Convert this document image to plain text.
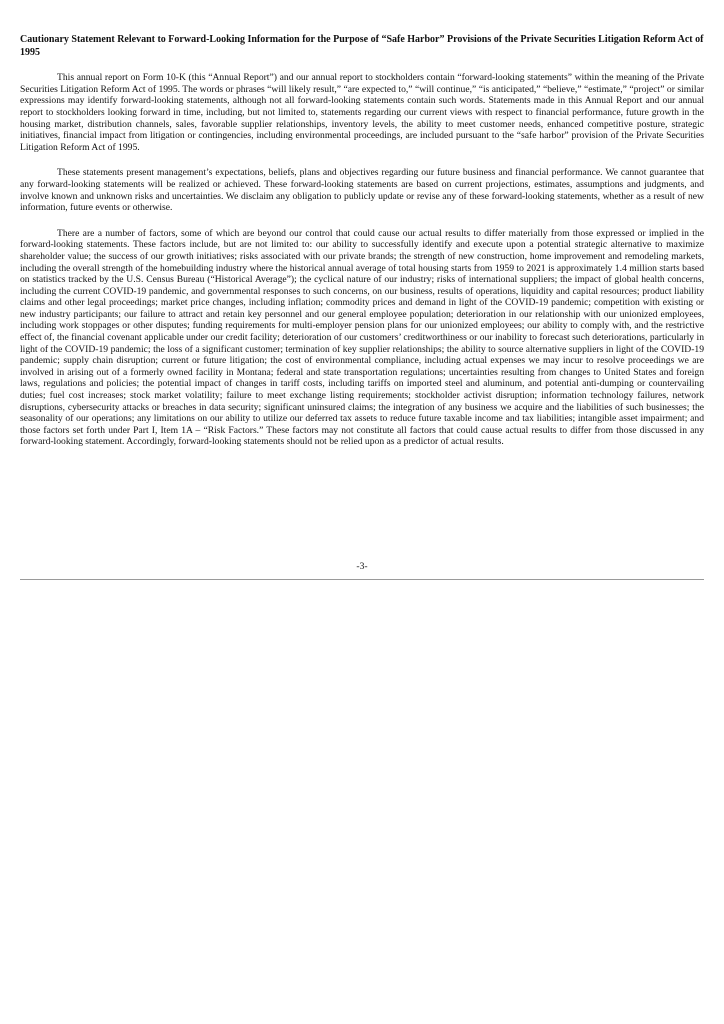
Cautionary Statement Relevant to Forward-Looking Information for the Purpose of “Safe Harbor” Provisions of the Private Securities Litigation Reform Act of 1995

This annual report on Form 10-K (this “Annual Report”) and our annual report to stockholders contain “forward-looking statements” within the meaning of the Private Securities Litigation Reform Act of 1995. The words or phrases “will likely result,” “are expected to,” “will continue,” “is anticipated,” “believe,” “estimate,” “project” or similar expressions may identify forward-looking statements, although not all forward-looking statements contain such words. Statements made in this Annual Report and our annual report to stockholders looking forward in time, including, but not limited to, statements regarding our current views with respect to financial performance, future growth in the housing market, distribution channels, sales, favorable supplier relationships, inventory levels, the ability to meet customer needs, enhanced competitive posture, strategic initiatives, financial impact from litigation or contingencies, including environmental proceedings, are included pursuant to the “safe harbor” provision of the Private Securities Litigation Reform Act of 1995.

These statements present management’s expectations, beliefs, plans and objectives regarding our future business and financial performance. We cannot guarantee that any forward-looking statements will be realized or achieved. These forward-looking statements are based on current projections, estimates, assumptions and judgments, and involve known and unknown risks and uncertainties. We disclaim any obligation to publicly update or revise any of these forward-looking statements, whether as a result of new information, future events or otherwise.

There are a number of factors, some of which are beyond our control that could cause our actual results to differ materially from those expressed or implied in the forward-looking statements. These factors include, but are not limited to: our ability to successfully identify and execute upon a potential strategic alternative to maximize shareholder value; the success of our growth initiatives; risks associated with our private brands; the strength of new construction, home improvement and remodeling markets, including the overall strength of the homebuilding industry where the historical annual average of total housing starts from 1959 to 2021 is approximately 1.4 million starts based on statistics tracked by the U.S. Census Bureau (“Historical Average”); the cyclical nature of our industry; risks of international suppliers; the impact of global health concerns, including the current COVID-19 pandemic, and governmental responses to such concerns, on our business, results of operations, liquidity and capital resources; product liability claims and other legal proceedings; market price changes, including inflation; commodity prices and demand in light of the COVID-19 pandemic; competition with existing or new industry participants; our failure to attract and retain key personnel and our general employee population; deterioration in our relationship with our unionized employees, including work stoppages or other disputes; funding requirements for multi-employer pension plans for our unionized employees; our ability to comply with, and the restrictive effect of, the financial covenant applicable under our credit facility; deterioration of our customers’ creditworthiness or our inability to forecast such deteriorations, particularly in light of the COVID-19 pandemic; the loss of a significant customer; termination of key supplier relationships; the ability to source alternative suppliers in light of the COVID-19 pandemic; supply chain disruption; current or future litigation; the cost of environmental compliance, including actual expenses we may incur to resolve proceedings we are involved in arising out of a formerly owned facility in Montana; federal and state transportation regulations; uncertainties resulting from changes to United States and foreign laws, regulations and policies; the potential impact of changes in tariff costs, including tariffs on imported steel and aluminum, and potential anti-dumping or countervailing duties; fuel cost increases; stock market volatility; failure to meet exchange listing requirements; stockholder activist disruption; information technology failures, network disruptions, cybersecurity attacks or breaches in data security; significant uninsured claims; the integration of any business we acquire and the liabilities of such businesses; the seasonality of our operations; any limitations on our ability to utilize our deferred tax assets to reduce future taxable income and tax liabilities; intangible asset impairment; and those factors set forth under Part I, Item 1A – “Risk Factors.” These factors may not constitute all factors that could cause actual results to differ from those discussed in any forward-looking statement. Accordingly, forward-looking statements should not be relied upon as a predictor of actual results.

-3-
